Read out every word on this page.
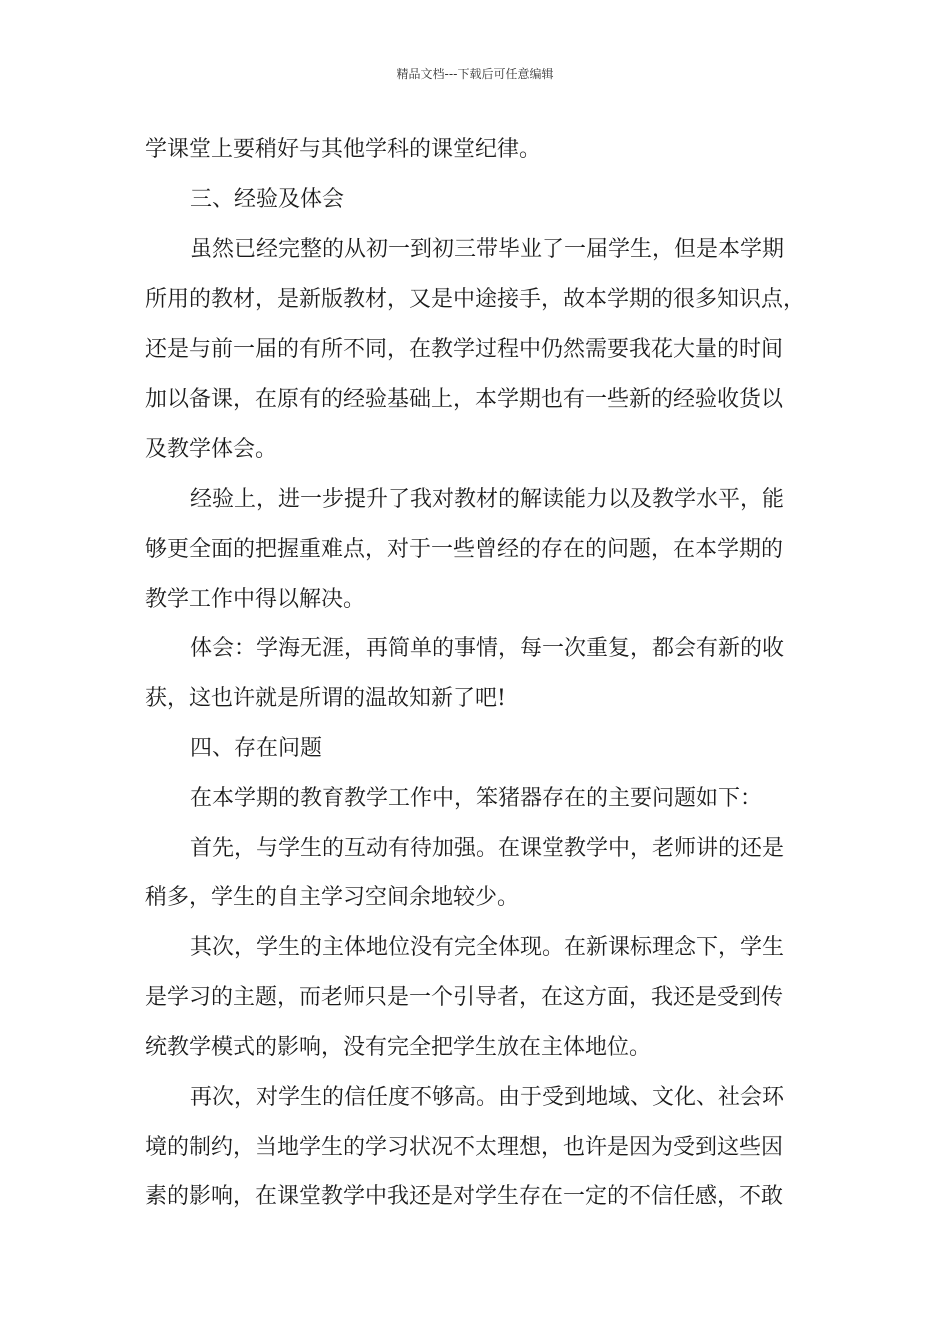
精品文档---下载后可任意编辑
学课堂上要稍好与其他学科的课堂纪律。
三、经验及体会
虽然已经完整的从初一到初三带毕业了一届学生，但是本学期
所用的教材，是新版教材，又是中途接手，故本学期的很多知识点，
还是与前一届的有所不同，在教学过程中仍然需要我花大量的时间
加以备课，在原有的经验基础上，本学期也有一些新的经验收货以
及教学体会。
经验上，进一步提升了我对教材的解读能力以及教学水平，能
够更全面的把握重难点，对于一些曾经的存在的问题，在本学期的
教学工作中得以解决。
体会：学海无涯，再简单的事情，每一次重复，都会有新的收
获，这也许就是所谓的温故知新了吧!
四、存在问题
在本学期的教育教学工作中，笨猪器存在的主要问题如下：
首先，与学生的互动有待加强。在课堂教学中，老师讲的还是
稍多，学生的自主学习空间余地较少。
其次，学生的主体地位没有完全体现。在新课标理念下，学生
是学习的主题，而老师只是一个引导者，在这方面，我还是受到传
统教学模式的影响，没有完全把学生放在主体地位。
再次，对学生的信任度不够高。由于受到地域、文化、社会环
境的制约，当地学生的学习状况不太理想，也许是因为受到这些因
素的影响，在课堂教学中我还是对学生存在一定的不信任感，不敢
